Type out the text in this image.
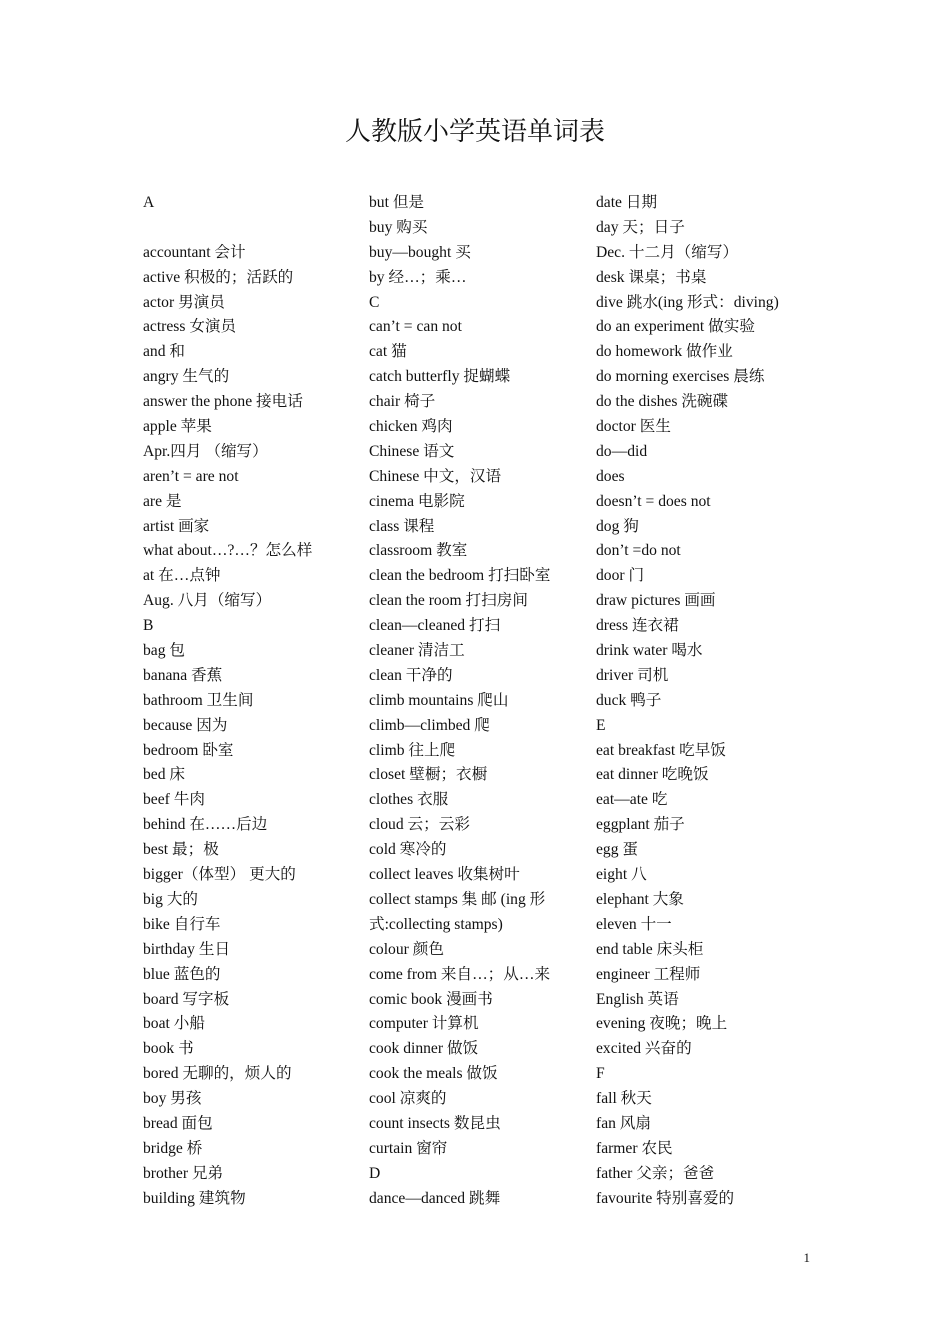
人教版小学英语单词表
A
accountant 会计
active 积极的；活跃的
actor 男演员
actress 女演员
and 和
angry 生气的
answer the phone 接电话
apple 苹果
Apr.四月 （缩写）
aren’t = are not
are 是
artist 画家
what about…?…？怎么样
at 在…点钟
Aug. 八月（缩写）
B
bag 包
banana 香蕉
bathroom 卫生间
because 因为
bedroom 卧室
bed 床
beef 牛肉
behind 在……后边
best 最；极
bigger（体型） 更大的
big 大的
bike 自行车
birthday 生日
blue 蓝色的
board 写字板
boat 小船
book 书
bored 无聊的，烦人的
boy 男孩
bread 面包
bridge 桥
brother 兄弟
building 建筑物
but 但是
buy 购买
buy—bought 买
by 经…；乘…
C
can’t = can not
cat 猫
catch butterfly 捉蝴蝶
chair 椅子
chicken 鸡肉
Chinese 语文
Chinese 中文，汉语
cinema 电影院
class 课程
classroom 教室
clean the bedroom 打扫卧室
clean the room 打扫房间
clean—cleaned 打扫
cleaner 清洁工
clean 干净的
climb mountains 爬山
climb—climbed 爬
climb 往上爬
closet 壁橱；衣橱
clothes 衣服
cloud 云；云彩
cold 寒冷的
collect leaves 收集树叶
collect stamps 集 邮 (ing 形
式:collecting stamps)
colour 颜色
come from 来自…；从…来
comic book 漫画书
computer 计算机
cook dinner 做饭
cook the meals 做饭
cool 凉爽的
count insects 数昆虫
curtain 窗帘
D
dance—danced 跳舞
date 日期
day 天；日子
Dec. 十二月（缩写）
desk 课桌；书桌
dive 跳水(ing 形式：diving)
do an experiment 做实验
do homework 做作业
do morning exercises 晨练
do the dishes 洗碗碟
doctor 医生
do—did
does
doesn’t = does not
dog 狗
don’t =do not
door 门
draw pictures 画画
dress 连衣裙
drink water 喝水
driver 司机
duck 鸭子
E
eat breakfast 吃早饭
eat dinner 吃晚饭
eat—ate 吃
eggplant 茄子
egg 蛋
eight 八
elephant 大象
eleven 十一
end table 床头柜
engineer 工程师
English 英语
evening 夜晚；晚上
excited 兴奋的
F
fall 秋天
fan 风扇
farmer 农民
father 父亲；爸爸
favourite 特别喜爱的
1
